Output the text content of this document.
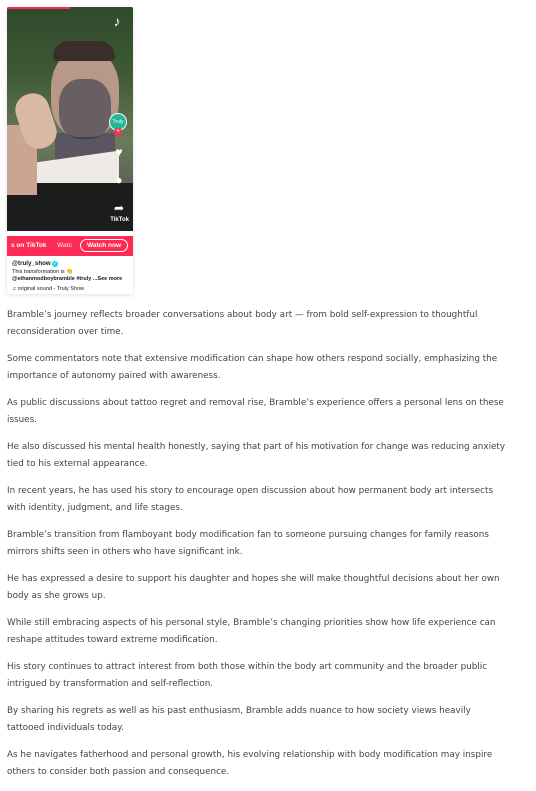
♪
Truly
+
♥
●
➦
TikTok
s on TikTok Watc	Watch now
@truly_show ✓
This transformation is 👏
@ethanmodboybramble #truly ...See more
♫ original sound - Truly Show

Bramble’s journey reflects broader conversations about body art — from bold self-expression to thoughtful reconsideration over time.

Some commentators note that extensive modification can shape how others respond socially, emphasizing the importance of autonomy paired with awareness.

As public discussions about tattoo regret and removal rise, Bramble’s experience offers a personal lens on these issues.

He also discussed his mental health honestly, saying that part of his motivation for change was reducing anxiety tied to his external appearance.

In recent years, he has used his story to encourage open discussion about how permanent body art intersects with identity, judgment, and life stages.

Bramble’s transition from flamboyant body modification fan to someone pursuing changes for family reasons mirrors shifts seen in others who have significant ink.

He has expressed a desire to support his daughter and hopes she will make thoughtful decisions about her own body as she grows up.

While still embracing aspects of his personal style, Bramble’s changing priorities show how life experience can reshape attitudes toward extreme modification.

His story continues to attract interest from both those within the body art community and the broader public intrigued by transformation and self-reflection.

By sharing his regrets as well as his past enthusiasm, Bramble adds nuance to how society views heavily tattooed individuals today.

As he navigates fatherhood and personal growth, his evolving relationship with body modification may inspire others to consider both passion and consequence.
